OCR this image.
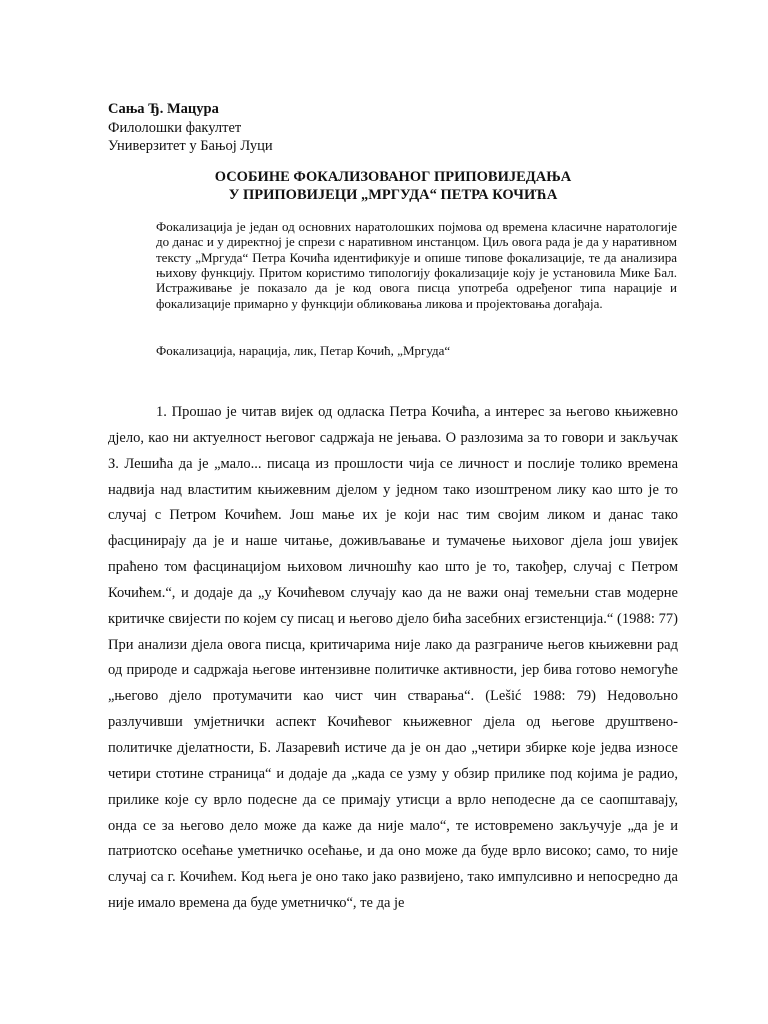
Сања Ђ. Мацура
Филолошки факултет
Универзитет у Бањој Луци
ОСОБИНЕ ФОКАЛИЗОВАНОГ ПРИПОВИЈЕДАЊА
У ПРИПОВИЈЕЦИ „МРГУДА“ ПЕТРА КОЧИЋА

Фокализација је један од основних наратолошких појмова од времена класичне наратологије до данас и у директној је спрези с наративном инстанцом. Циљ овога рада је да у наративном тексту „Мргуда“ Петра Кочића идентификује и опише типове фокализације, те да анализира њихову функцију. Притом користимо типологију фокализације коју је установила Мике Бал. Истраживање је показало да је код овога писца употреба одређеног типа нарације и фокализације примарно у функцији обликовања ликова и пројектовања догађаја.

Фокализација, нарација, лик, Петар Кочић, „Мргуда“

1. Прошао је читав вијек од одласка Петра Кочића, а интерес за његово књижевно дјело, као ни актуелност његовог садржаја не јењава. О разлозима за то говори и закључак З. Лешића да је „мало... писаца из прошлости чија се личност и послије толико времена надвија над властитим књижевним дјелом у једном тако изоштреном лику као што је то случај с Петром Кочићем. Још мање их је који нас тим својим ликом и данас тако фасцинирају да је и наше читање, доживљавање и тумачење њиховог дјела још увијек праћено том фасцинацијом њиховом личношћу као што је то, такођер, случај с Петром Кочићем.“, и додаје да „у Кочићевом случају као да не важи онај темељни став модерне критичке свијести по којем су писац и његово дјело бића засебних егзистенција.“ (1988: 77) При анализи дјела овога писца, критичарима није лако да разграниче његов књижевни рад од природе и садржаја његове интензивне политичке активности, јер бива готово немогуће „његово дјело протумачити као чист чин стварања“. (Lešić 1988: 79) Недовољно разлучивши умјетнички аспект Кочићевог књижевног дјела од његове друштвено-политичке дјелатности, Б. Лазаревић истиче да је он дао „четири збирке које једва износе четири стотине страница“ и додаје да „када се узму у обзир прилике под којима је радио, прилике које су врло подесне да се примају утисци а врло неподесне да се саопштавају, онда се за његово дело може да каже да није мало“, те истовремено закључује „да је и патриотско осећање уметничко осећање, и да оно може да буде врло високо; само, то није случај са г. Кочићем. Код њега је оно тако јако развијено, тако импулсивно и непосредно да није имало времена да буде уметничко“, те да је
